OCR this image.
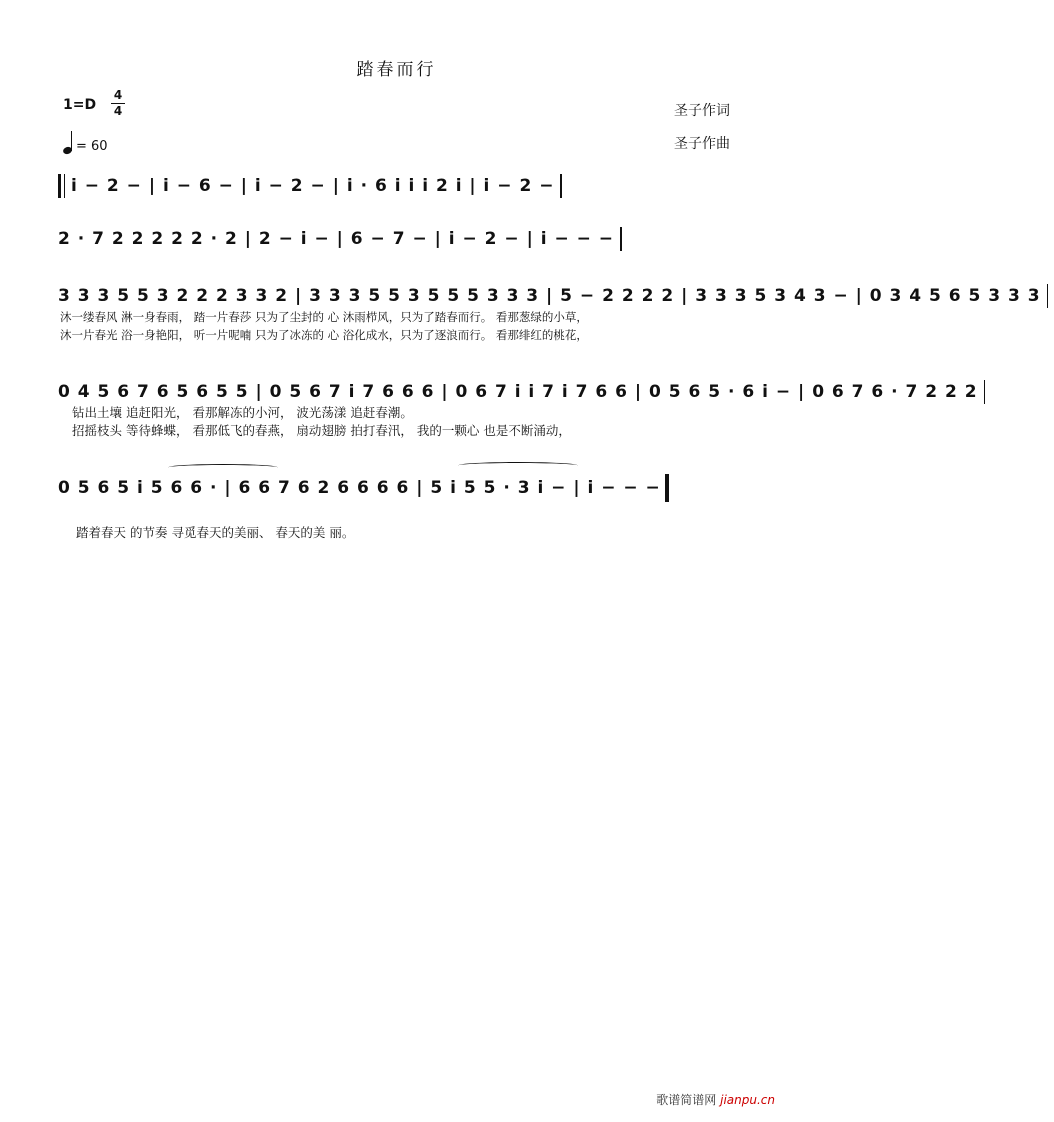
踏春而行
1=D
4
4
= 60
圣子作词
圣子作曲
i − 2 − | i − 6 − | i − 2 − | i · 6 i i i 2 i | i − 2 −
2 · 7 2 2 2 2 2 · 2 | 2 − i − | 6 − 7 − | i − 2 − | i − − −
3 3 3 5 5 3 2 2 2 3 3 2 | 3 3 3 5 5 3 5 5 5 3 3 3 | 5 − 2 2 2 2 | 3 3 3 5 3 4 3 − | 0 3 4 5 6 5 3 3 3
沐一缕春风 淋一身春雨， 踏一片春莎 只为了尘封的 心 沐雨栉风，只为了踏春而行。 看那葱绿的小草，
沐一片春光 浴一身艳阳， 听一片呢喃 只为了冰冻的 心 浴化成水，只为了逐浪而行。 看那绯红的桃花，
0 4 5 6 7 6 5 6 5 5 | 0 5 6 7 i 7 6 6 6 | 0 6 7 i i 7 i 7 6 6 | 0 5 6 5 · 6 i − | 0 6 7 6 · 7 2 2 2
钻出土壤 追赶阳光， 看那解冻的小河， 波光荡漾 追赶春潮。
招摇枝头 等待蜂蝶， 看那低飞的春燕， 扇动翅膀 拍打春汛， 我的一颗心 也是不断涌动，
0 5 6 5 i 5 6 6 · | 6 6 7 6 2 6 6 6 6 | 5 i 5 5 · 3 i − | i − − −
踏着春天 的节奏 寻觅春天的美丽、 春天的美 丽。
歌谱简谱网 jianpu.cn
